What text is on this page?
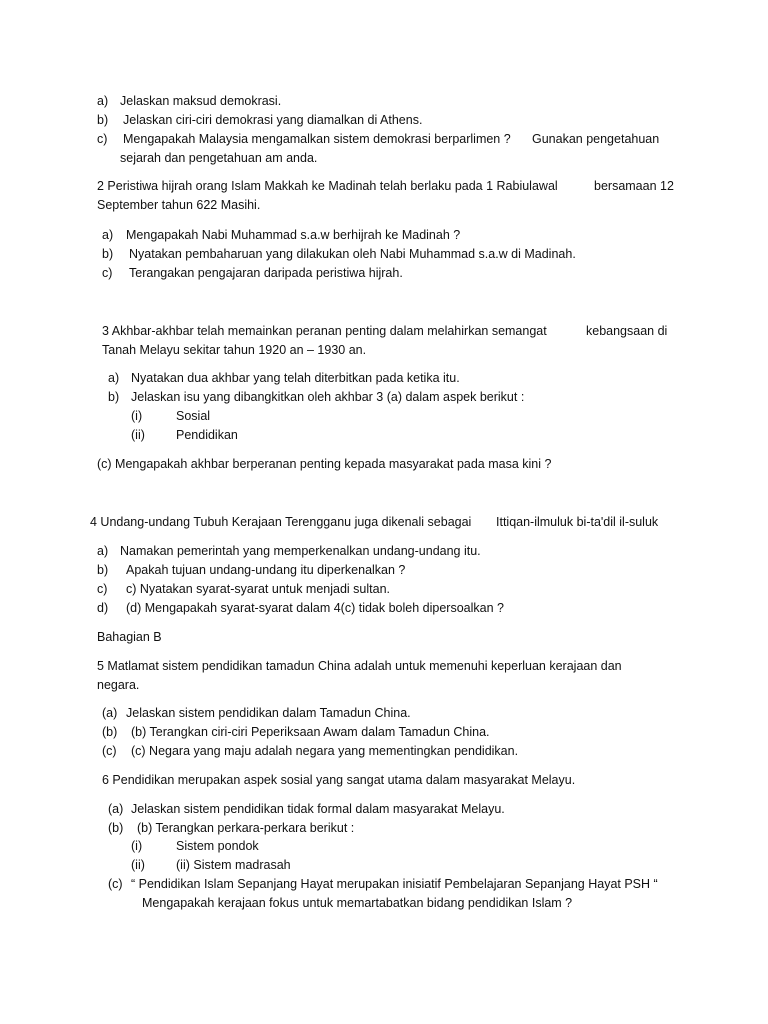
a) Jelaskan maksud demokrasi.
b) Jelaskan ciri-ciri demokrasi yang diamalkan di Athens.
c) Mengapakah Malaysia mengamalkan sistem demokrasi berparlimen ? Gunakan pengetahuan
sejarah dan pengetahuan am anda.
2 Peristiwa hijrah orang Islam Makkah ke Madinah telah berlaku pada 1 Rabiulawal	bersamaan 12
September tahun 622 Masihi.
a) Mengapakah Nabi Muhammad s.a.w berhijrah ke Madinah ?
b) Nyatakan pembaharuan yang dilakukan oleh Nabi Muhammad s.a.w di Madinah.
c) Terangakan pengajaran daripada peristiwa hijrah.
3 Akhbar-akhbar telah memainkan peranan penting dalam melahirkan semangat	kebangsaan di
Tanah Melayu sekitar tahun 1920 an – 1930 an.
a) Nyatakan dua akhbar yang telah diterbitkan pada ketika itu.
b) Jelaskan isu yang dibangkitkan oleh akhbar 3 (a) dalam aspek berikut :
(i)	Sosial
(ii) Pendidikan
(c) Mengapakah akhbar berperanan penting kepada masyarakat pada masa kini ?
4 Undang-undang Tubuh Kerajaan Terengganu juga dikenali sebagai Ittiqan-ilmuluk bi-ta'dil il-suluk
a) Namakan pemerintah yang memperkenalkan undang-undang itu.
b) Apakah tujuan undang-undang itu diperkenalkan ?
c) c) Nyatakan syarat-syarat untuk menjadi sultan.
d) (d) Mengapakah syarat-syarat dalam 4(c) tidak boleh dipersoalkan ?
Bahagian B
5 Matlamat sistem pendidikan tamadun China adalah untuk memenuhi keperluan kerajaan dan
negara.
(a) Jelaskan sistem pendidikan dalam Tamadun China.
(b) (b) Terangkan ciri-ciri Peperiksaan Awam dalam Tamadun China.
(c) (c) Negara yang maju adalah negara yang mementingkan pendidikan.
6 Pendidikan merupakan aspek sosial yang sangat utama dalam masyarakat Melayu.
(a) Jelaskan sistem pendidikan tidak formal dalam masyarakat Melayu.
(b) (b) Terangkan perkara-perkara berikut :
(i)	Sistem pondok
(ii) (ii) Sistem madrasah
(c) “ Pendidikan Islam Sepanjang Hayat merupakan inisiatif Pembelajaran Sepanjang Hayat PSH “
Mengapakah kerajaan fokus untuk memartabatkan bidang pendidikan Islam ?
